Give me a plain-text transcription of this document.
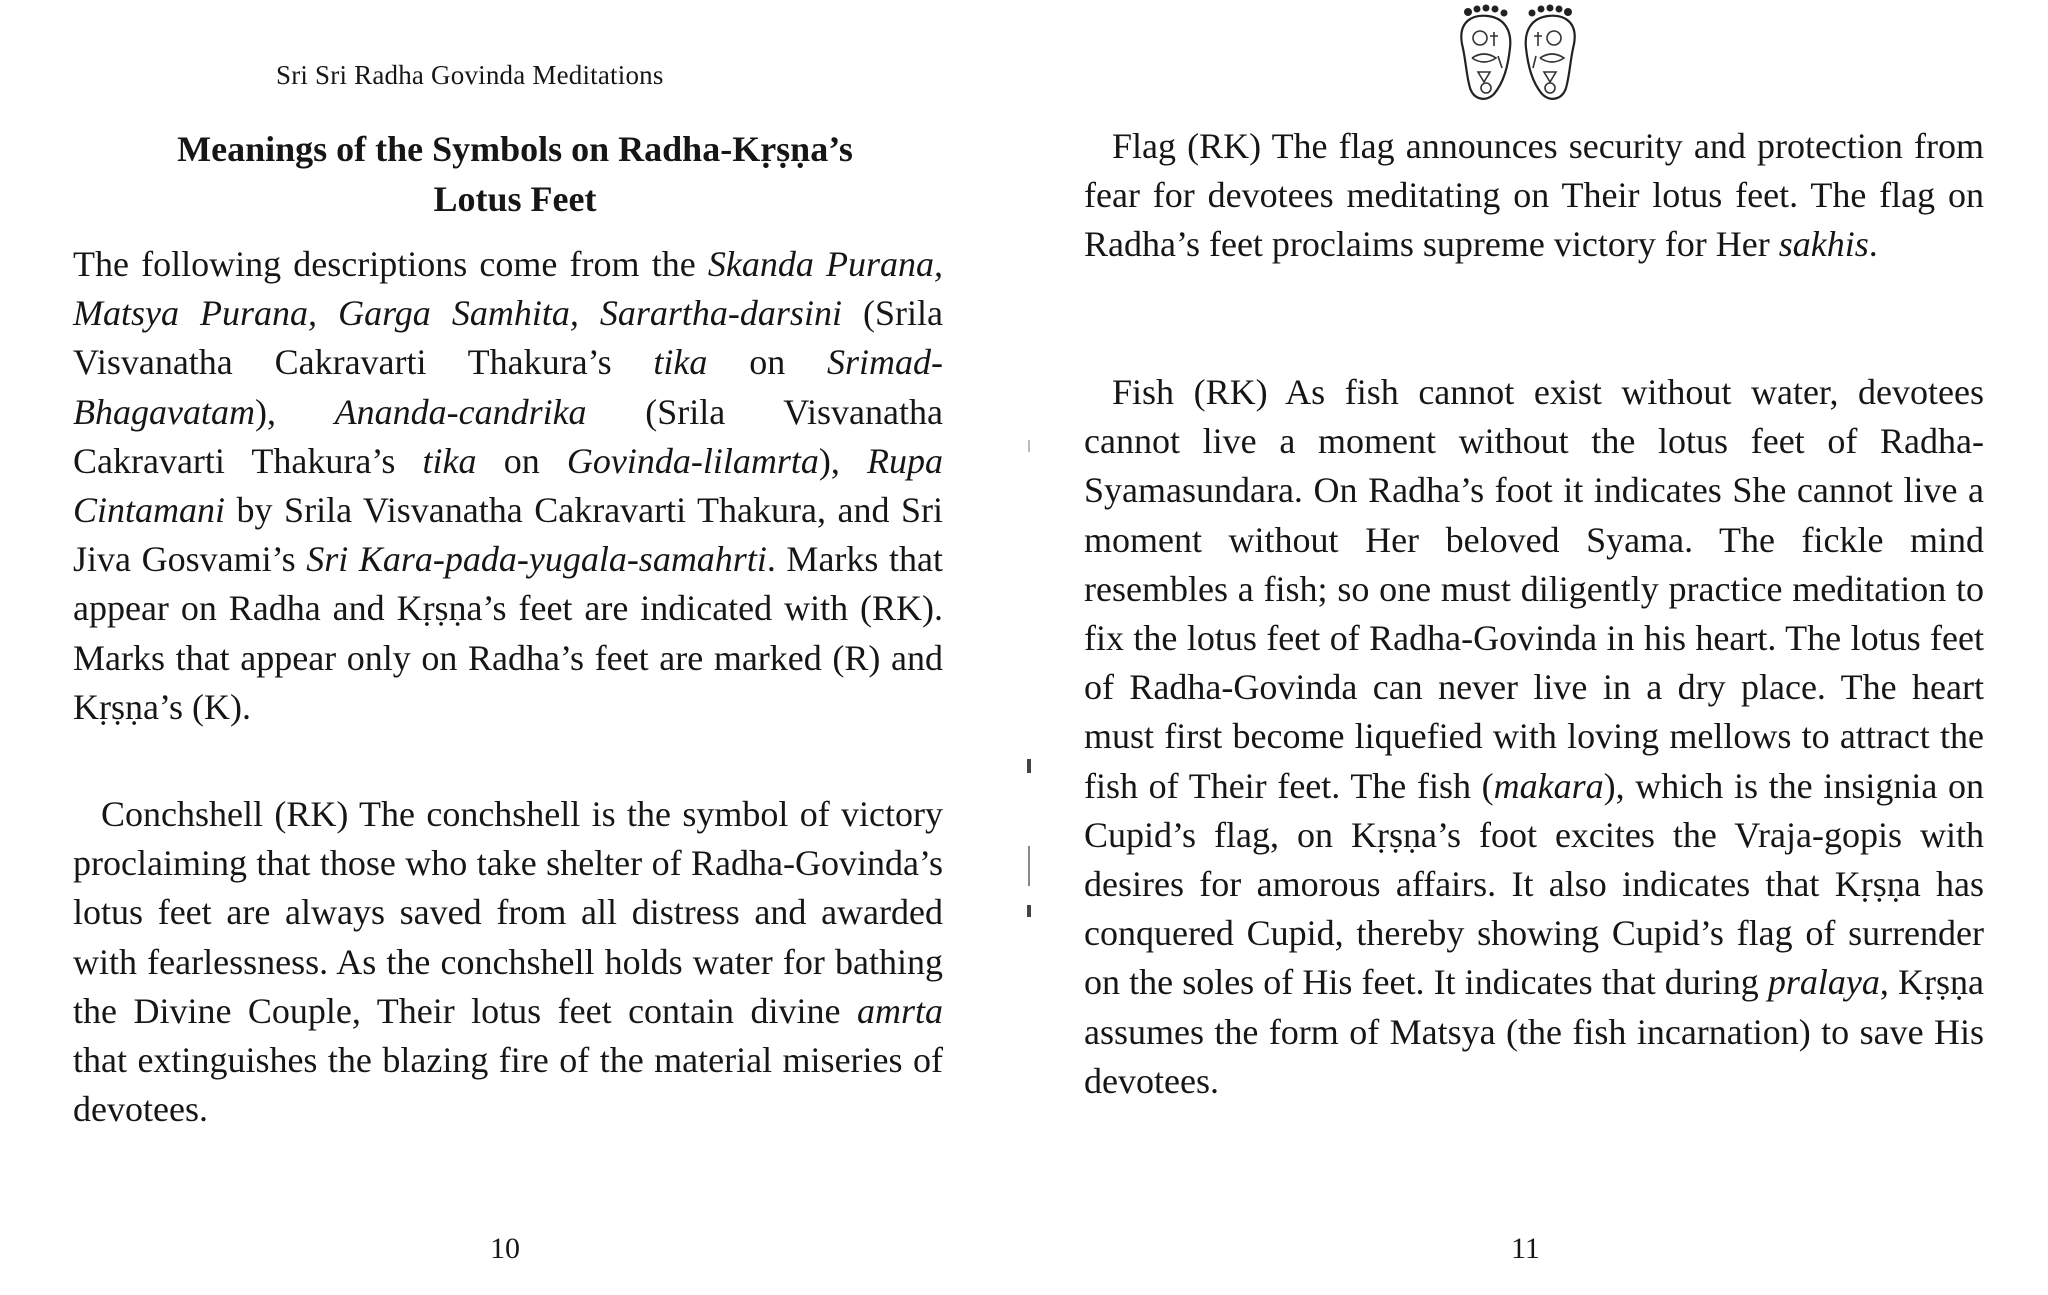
Sri Sri Radha Govinda Meditations
Meanings of the Symbols on Radha-Kṛṣṇa’s
Lotus Feet

The following descriptions come from the Skanda Purana, Matsya Purana, Garga Samhita, Sarartha-darsini (Srila Visvanatha Cakravarti Thakura’s tika on Srimad-Bhagavatam), Ananda-candrika (Srila Visvanatha Cakravarti Thakura’s tika on Govinda-lilamrta), Rupa Cintamani by Srila Visvanatha Cakravarti Thakura, and Sri Jiva Gosvami’s Sri Kara-pada-yugala-samahrti. Marks that appear on Radha and Kṛṣṇa’s feet are indicated with (RK). Marks that appear only on Radha’s feet are marked (R) and Kṛṣṇa’s (K).

Conchshell (RK) The conchshell is the symbol of victory proclaiming that those who take shelter of Radha-Govinda’s lotus feet are always saved from all distress and awarded with fearlessness. As the conchshell holds water for bathing the Divine Couple, Their lotus feet contain divine amrta that extinguishes the blazing fire of the material miseries of devotees.

10

Flag (RK) The flag announces security and protection from fear for devotees meditating on Their lotus feet. The flag on Radha’s feet proclaims supreme victory for Her sakhis.

Fish (RK) As fish cannot exist without water, devotees cannot live a moment without the lotus feet of Radha-Syamasundara. On Radha’s foot it indicates She cannot live a moment without Her beloved Syama. The fickle mind resembles a fish; so one must diligently practice meditation to fix the lotus feet of Radha-Govinda in his heart. The lotus feet of Radha-Govinda can never live in a dry place. The heart must first become liquefied with loving mellows to attract the fish of Their feet. The fish (makara), which is the insignia on Cupid’s flag, on Kṛṣṇa’s foot excites the Vraja-gopis with desires for amorous affairs. It also indicates that Kṛṣṇa has conquered Cupid, thereby showing Cupid’s flag of surrender on the soles of His feet. It indicates that during pralaya, Kṛṣṇa assumes the form of Matsya (the fish incarnation) to save His devotees.

11
